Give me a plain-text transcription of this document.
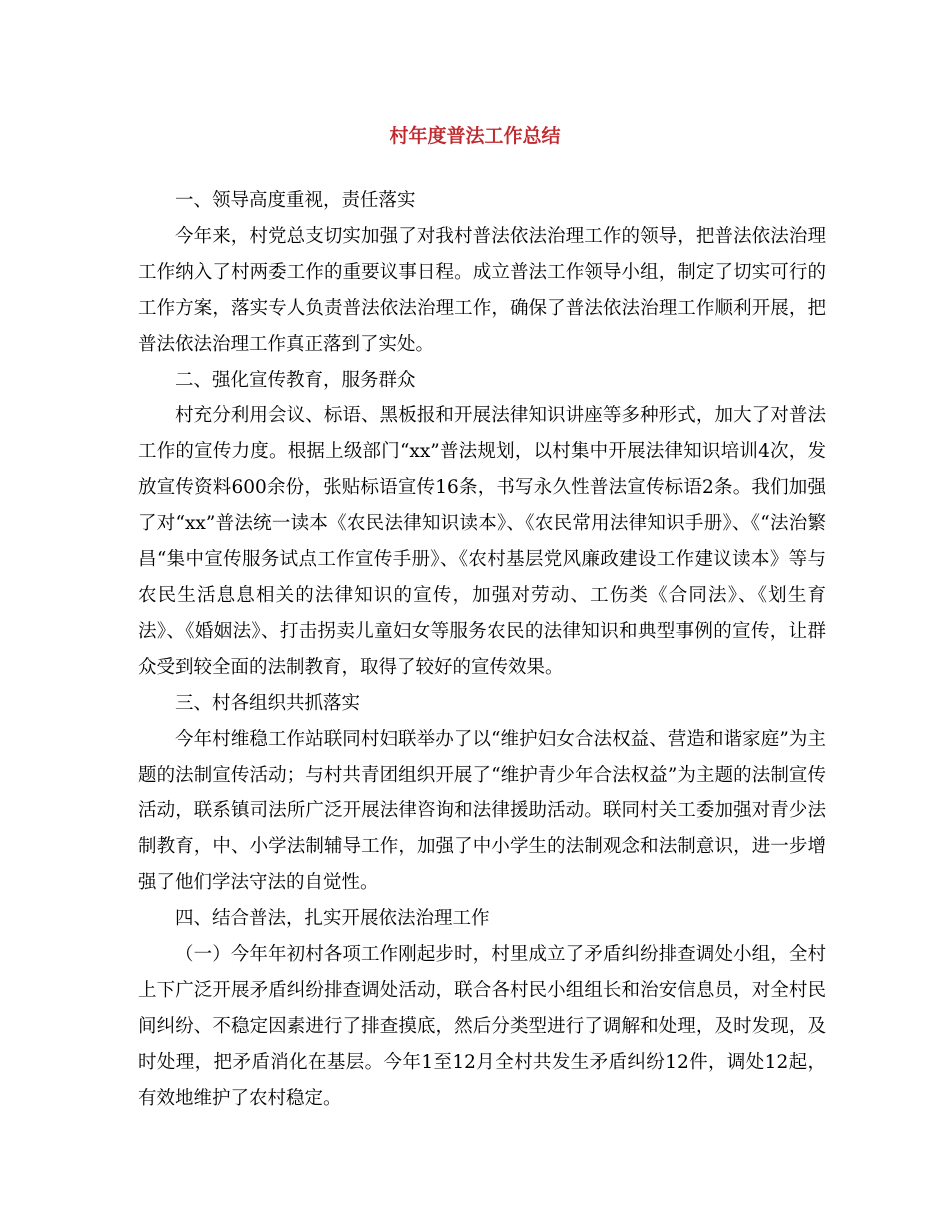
村年度普法工作总结

一、领导高度重视，责任落实

今年来，村党总支切实加强了对我村普法依法治理工作的领导，把普法依法治理工作纳入了村两委工作的重要议事日程。成立普法工作领导小组，制定了切实可行的工作方案，落实专人负责普法依法治理工作，确保了普法依法治理工作顺利开展，把普法依法治理工作真正落到了实处。

二、强化宣传教育，服务群众

村充分利用会议、标语、黑板报和开展法律知识讲座等多种形式，加大了对普法工作的宣传力度。根据上级部门“xx”普法规划，以村集中开展法律知识培训4次，发放宣传资料600余份，张贴标语宣传16条，书写永久性普法宣传标语2条。我们加强了对“xx”普法统一读本《农民法律知识读本》、《农民常用法律知识手册》、《“法治繁昌“集中宣传服务试点工作宣传手册》、《农村基层党风廉政建设工作建议读本》等与农民生活息息相关的法律知识的宣传，加强对劳动、工伤类《合同法》、《划生育法》、《婚姻法》、打击拐卖儿童妇女等服务农民的法律知识和典型事例的宣传，让群众受到较全面的法制教育，取得了较好的宣传效果。

三、村各组织共抓落实

今年村维稳工作站联同村妇联举办了以“维护妇女合法权益、营造和谐家庭”为主题的法制宣传活动；与村共青团组织开展了“维护青少年合法权益”为主题的法制宣传活动，联系镇司法所广泛开展法律咨询和法律援助活动。联同村关工委加强对青少法制教育，中、小学法制辅导工作，加强了中小学生的法制观念和法制意识，进一步增强了他们学法守法的自觉性。

四、结合普法，扎实开展依法治理工作

（一）今年年初村各项工作刚起步时，村里成立了矛盾纠纷排查调处小组，全村上下广泛开展矛盾纠纷排查调处活动，联合各村民小组组长和治安信息员，对全村民间纠纷、不稳定因素进行了排查摸底，然后分类型进行了调解和处理，及时发现，及时处理，把矛盾消化在基层。今年1至12月全村共发生矛盾纠纷12件，调处12起，有效地维护了农村稳定。
